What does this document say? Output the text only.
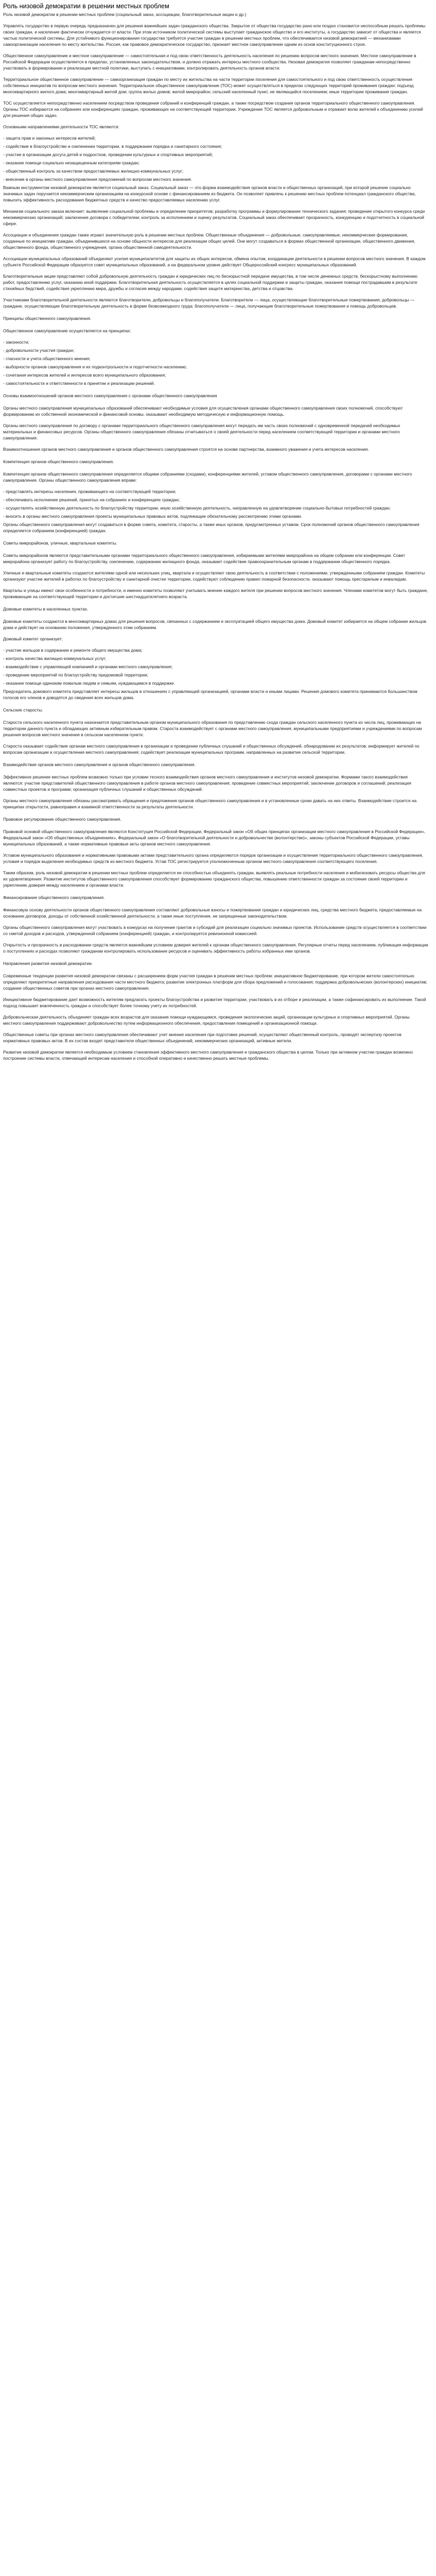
Роль низовой демократии в решении местных проблем
Роль низовой демократии в решении местных проблем (социальный заказ, ассоциации, благотворительные акции и др.)
Управлять государство в первую очередь предназначен для решения важнейших задач гражданского общества. Закрытое от общества государство рано или поздно становится неспособным решать проблемы своих граждан, и население фактически отчуждается от власти. При этом источником политической системы выступает гражданское общество и его институты, а государство зависит от общества и является частью политической системы. Для устойчивого функционирования государства требуется участие граждан в решении местных проблем, что обеспечивается низовой демократией — механизмами самоорганизации населения по месту жительства. Россия, как правовое демократическое государство, признает местное самоуправление одним из основ конституционного строя.
Общественное самоуправление и местное самоуправление — самостоятельная и под свою ответственность деятельность населения по решению вопросов местного значения. Местное самоуправление в Российской Федерации осуществляется в пределах, установленных законодательством, и должно отражать интересы местного сообщества. Низовая демократия позволяет гражданам непосредственно участвовать в формировании и реализации местной политики, выступать с инициативами, контролировать деятельность органов власти.
Территориальное общественное самоуправление — самоорганизация граждан по месту их жительства на части территории поселения для самостоятельного и под свою ответственность осуществления собственных инициатив по вопросам местного значения. Территориальное общественное самоуправление (ТОС) может осуществляться в пределах следующих территорий проживания граждан: подъезд многоквартирного жилого дома; многоквартирный жилой дом; группа жилых домов; жилой микрорайон; сельский населенный пункт, не являющийся поселением; иные территории проживания граждан.
ТОС осуществляется непосредственно населением посредством проведения собраний и конференций граждан, а также посредством создания органов территориального общественного самоуправления. Органы ТОС избираются на собраниях или конференциях граждан, проживающих на соответствующей территории. Учреждение ТОС является добровольным и отражает волю жителей к объединению усилий для решения общих задач.
Основными направлениями деятельности ТОС являются:
- защита прав и законных интересов жителей;
- содействие в благоустройстве и озеленении территории, в поддержании порядка и санитарного состояния;
- участие в организации досуга детей и подростков, проведении культурных и спортивных мероприятий;
- оказание помощи социально незащищенным категориям граждан;
- общественный контроль за качеством предоставляемых жилищно-коммунальных услуг;
- внесение в органы местного самоуправления предложений по вопросам местного значения.
Важным инструментом низовой демократии является социальный заказ. Социальный заказ — это форма взаимодействия органов власти и общественных организаций, при которой решение социально значимых задач поручается некоммерческим организациям на конкурсной основе с финансированием из бюджета. Он позволяет привлечь к решению местных проблем потенциал гражданского общества, повысить эффективность расходования бюджетных средств и качество предоставляемых населению услуг.
Механизм социального заказа включает: выявление социальной проблемы и определение приоритетов; разработку программы и формулирование технического задания; проведение открытого конкурса среди некоммерческих организаций; заключение договора с победителем; контроль за исполнением и оценку результатов. Социальный заказ обеспечивает прозрачность, конкуренцию и подотчетность в социальной сфере.
Ассоциации и объединения граждан также играют значительную роль в решении местных проблем. Общественные объединения — добровольные, самоуправляемые, некоммерческие формирования, созданные по инициативе граждан, объединившихся на основе общности интересов для реализации общих целей. Они могут создаваться в формах общественной организации, общественного движения, общественного фонда, общественного учреждения, органа общественной самодеятельности.
Ассоциации муниципальных образований объединяют усилия муниципалитетов для защиты их общих интересов, обмена опытом, координации деятельности в решении вопросов местного значения. В каждом субъекте Российской Федерации образуется совет муниципальных образований, а на федеральном уровне действует Общероссийский конгресс муниципальных образований.
Благотворительные акции представляют собой добровольную деятельность граждан и юридических лиц по бескорыстной передаче имущества, в том числе денежных средств, бескорыстному выполнению работ, предоставлению услуг, оказанию иной поддержки. Благотворительная деятельность осуществляется в целях социальной поддержки и защиты граждан, оказания помощи пострадавшим в результате стихийных бедствий, содействия укреплению мира, дружбы и согласия между народами, содействия защите материнства, детства и отцовства.
Участниками благотворительной деятельности являются благотворители, добровольцы и благополучатели. Благотворители — лица, осуществляющие благотворительные пожертвования; добровольцы — граждане, осуществляющие благотворительную деятельность в форме безвозмездного труда; благополучатели — лица, получающие благотворительные пожертвования и помощь добровольцев.
Принципы общественного самоуправления.
Общественное самоуправление осуществляется на принципах:
- законности;
- добровольности участия граждан;
- гласности и учета общественного мнения;
- выборности органов самоуправления и их подконтрольности и подотчетности населению;
- сочетания интересов жителей и интересов всего муниципального образования;
- самостоятельности и ответственности в принятии и реализации решений.
Основы взаимоотношений органов местного самоуправления с органами общественного самоуправления
Органы местного самоуправления муниципальных образований обеспечивают необходимые условия для осуществления органами общественного самоуправления своих полномочий, способствуют формированию их собственной экономической и финансовой основы, оказывают необходимую методическую и информационную помощь.
Органы местного самоуправления по договору с органами территориального общественного самоуправления могут передать им часть своих полномочий с одновременной передачей необходимых материальных и финансовых ресурсов. Органы общественного самоуправления обязаны отчитываться о своей деятельности перед населением соответствующей территории и органами местного самоуправления.
Взаимоотношения органов местного самоуправления и органов общественного самоуправления строятся на основе партнерства, взаимного уважения и учета интересов населения.
Компетенция органов общественного самоуправления.
Компетенция органов общественного самоуправления определяется общими собраниями (сходами), конференциями жителей, уставом общественного самоуправления, договорами с органами местного самоуправления. Органы общественного самоуправления вправе:
- представлять интересы населения, проживающего на соответствующей территории;
- обеспечивать исполнение решений, принятых на собраниях и конференциях граждан;
- осуществлять хозяйственную деятельность по благоустройству территории, иную хозяйственную деятельность, направленную на удовлетворение социально-бытовых потребностей граждан;
- вносить в органы местного самоуправления проекты муниципальных правовых актов, подлежащие обязательному рассмотрению этими органами.
Органы общественного самоуправления могут создаваться в форме совета, комитета, старосты, а также иных органов, предусмотренных уставом. Срок полномочий органов общественного самоуправления определяется собранием (конференцией) граждан.
Советы микрорайонов, уличные, квартальные комитеты.
Советы микрорайонов являются представительными органами территориального общественного самоуправления, избираемыми жителями микрорайона на общем собрании или конференции. Совет микрорайона организует работу по благоустройству, озеленению, содержанию жилищного фонда, оказывает содействие правоохранительным органам в поддержании общественного порядка.
Уличные и квартальные комитеты создаются жителями одной или нескольких улиц, квартала и осуществляют свою деятельность в соответствии с положениями, утвержденными собранием граждан. Комитеты организуют участие жителей в работах по благоустройству и санитарной очистке территории, содействуют соблюдению правил пожарной безопасности, оказывают помощь престарелым и инвалидам.
Кварталы и улицы имеют свои особенности и потребности, и именно комитеты позволяют учитывать мнение каждого жителя при решении вопросов местного значения. Членами комитетов могут быть граждане, проживающие на соответствующей территории и достигшие шестнадцатилетнего возраста.
Домовые комитеты в населенных пунктах.
Домовые комитеты создаются в многоквартирных домах для решения вопросов, связанных с содержанием и эксплуатацией общего имущества дома. Домовый комитет избирается на общем собрании жильцов дома и действует на основании положения, утвержденного этим собранием.
Домовый комитет организует:
- участие жильцов в содержании и ремонте общего имущества дома;
- контроль качества жилищно-коммунальных услуг;
- взаимодействие с управляющей компанией и органами местного самоуправления;
- проведение мероприятий по благоустройству придомовой территории;
- оказание помощи одиноким пожилым людям и семьям, нуждающимся в поддержке.
Председатель домового комитета представляет интересы жильцов в отношениях с управляющей организацией, органами власти и иными лицами. Решения домового комитета принимаются большинством голосов его членов и доводятся до сведения всех жильцов дома.
Сельские старосты.
Староста сельского населенного пункта назначается представительным органом муниципального образования по представлению схода граждан сельского населенного пункта из числа лиц, проживающих на территории данного пункта и обладающих активным избирательным правом. Староста взаимодействует с органами местного самоуправления, муниципальными предприятиями и учреждениями по вопросам решения вопросов местного значения в сельском населенном пункте.
Староста оказывает содействие органам местного самоуправления в организации и проведении публичных слушаний и общественных обсуждений, обнародовании их результатов; информирует жителей по вопросам организации и осуществления местного самоуправления; содействует реализации муниципальных программ, направленных на развитие сельской территории.
Взаимодействие органов местного самоуправления и органов общественного самоуправления.
Эффективное решение местных проблем возможно только при условии тесного взаимодействия органов местного самоуправления и институтов низовой демократии. Формами такого взаимодействия являются: участие представителей общественного самоуправления в работе органов местного самоуправления; проведение совместных мероприятий; заключение договоров и соглашений; реализация совместных проектов и программ; организация публичных слушаний и общественных обсуждений.
Органы местного самоуправления обязаны рассматривать обращения и предложения органов общественного самоуправления и в установленные сроки давать на них ответы. Взаимодействие строится на принципах открытости, равноправия и взаимной ответственности за результаты деятельности.
Правовое регулирование общественного самоуправления.
Правовой основой общественного самоуправления являются Конституция Российской Федерации, Федеральный закон «Об общих принципах организации местного самоуправления в Российской Федерации», Федеральный закон «Об общественных объединениях», Федеральный закон «О благотворительной деятельности и добровольчестве (волонтерстве)», законы субъектов Российской Федерации, уставы муниципальных образований, а также нормативные правовые акты органов местного самоуправления.
Уставом муниципального образования и нормативными правовыми актами представительного органа определяются порядок организации и осуществления территориального общественного самоуправления, условия и порядок выделения необходимых средств из местного бюджета. Устав ТОС регистрируется уполномоченным органом местного самоуправления соответствующего поселения.
Таким образом, роль низовой демократии в решении местных проблем определяется ее способностью объединять граждан, выявлять реальные потребности населения и мобилизовать ресурсы общества для их удовлетворения. Развитие институтов общественного самоуправления способствует формированию гражданского общества, повышению ответственности граждан за состояние своей территории и укреплению доверия между населением и органами власти.
Финансирование общественного самоуправления.
Финансовую основу деятельности органов общественного самоуправления составляют добровольные взносы и пожертвования граждан и юридических лиц, средства местного бюджета, предоставляемые на основании договоров, доходы от собственной хозяйственной деятельности, а также иные поступления, не запрещенные законодательством.
Органы общественного самоуправления могут участвовать в конкурсах на получение грантов и субсидий для реализации социально значимых проектов. Использование средств осуществляется в соответствии со сметой доходов и расходов, утвержденной собранием (конференцией) граждан, и контролируется ревизионной комиссией.
Открытость и прозрачность в расходовании средств является важнейшим условием доверия жителей к органам общественного самоуправления. Регулярные отчеты перед населением, публикация информации о поступлениях и расходах позволяют гражданам контролировать использование ресурсов и оценивать эффективность работы избранных ими органов.
Направления развития низовой демократии.
Современные тенденции развития низовой демократии связаны с расширением форм участия граждан в решении местных проблем: инициативное бюджетирование, при котором жители самостоятельно определяют приоритетные направления расходования части местного бюджета; развитие электронных платформ для сбора предложений и голосования; поддержка добровольческих (волонтерских) инициатив; создание общественных советов при органах местного самоуправления.
Инициативное бюджетирование дает возможность жителям предлагать проекты благоустройства и развития территории, участвовать в их отборе и реализации, а также софинансировать их выполнение. Такой подход повышает вовлеченность граждан и способствует более точному учету их потребностей.
Добровольческая деятельность объединяет граждан всех возрастов для оказания помощи нуждающимся, проведения экологических акций, организации культурных и спортивных мероприятий. Органы местного самоуправления поддерживают добровольчество путем информационного обеспечения, предоставления помещений и организационной помощи.
Общественные советы при органах местного самоуправления обеспечивают учет мнения населения при подготовке решений, осуществляют общественный контроль, проводят экспертизу проектов нормативных правовых актов. В их состав входят представители общественных объединений, некоммерческих организаций, активные жители.
Развитие низовой демократии является необходимым условием становления эффективного местного самоуправления и гражданского общества в целом. Только при активном участии граждан возможно построение системы власти, отвечающей интересам населения и способной оперативно и качественно решать местные проблемы.
